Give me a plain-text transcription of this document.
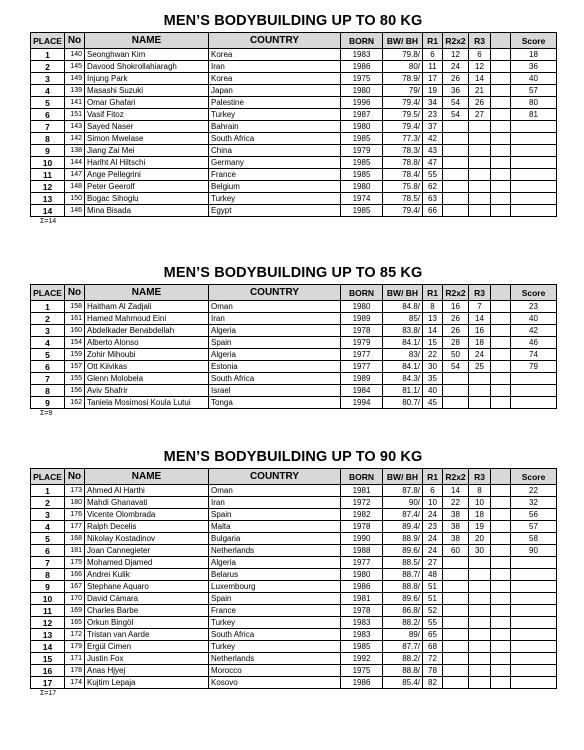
MEN’S BODYBUILDING UP TO 80 KG
PLACE	No	NAME	COUNTRY	BORN	BW/ BH	R1	R2x2	R3		Score
1	140	Seonghwan Kim	Korea	1983	79.8/	6	12	6		18
2	145	Davood Shokrollahiaragh	Iran	1986	80/	11	24	12		36
3	149	Injung Park	Korea	1975	78.9/	17	26	14		40
4	139	Masashi Suzuki	Japan	1980	79/	19	36	21		57
5	141	Omar Ghafari	Palestine	1996	79.4/	34	54	26		80
6	151	Vasif Fitoz	Turkey	1987	79.5/	23	54	27		81
7	143	Sayed Naser	Bahrain	1980	79.4/	37				
8	142	Simon Mwelase	South Africa	1985	77.3/	42				
9	138	Jiang Zai Mei	China	1979	78.3/	43				
10	144	Harlht Al Hiltschi	Germany	1985	78.8/	47				
11	147	Ange Pellegrini	France	1985	78.4/	55				
12	148	Peter Geerolf	Belgium	1980	75.8/	62				
13	150	Bogac Sihoglu	Turkey	1974	78.5/	63				
14	146	Mina Bisada	Egypt	1985	79.4/	66				
Σ=14
MEN’S BODYBUILDING UP TO 85 KG
PLACE	No	NAME	COUNTRY	BORN	BW/ BH	R1	R2x2	R3		Score
1	158	Haitham Al Zadjali	Oman	1980	84.8/	8	16	7		23
2	161	Hamed Mahmoud Eini	Iran	1989	85/	13	26	14		40
3	160	Abdelkader Benabdellah	Algeria	1978	83.8/	14	26	16		42
4	154	Alberto Alonso	Spain	1979	84.1/	15	28	18		46
5	159	Zohir Mihoubi	Algeria	1977	83/	22	50	24		74
6	157	Ott Kiivikas	Estonia	1977	84.1/	30	54	25		79
7	155	Glenn Molobela	South Africa	1989	84.3/	35				
8	156	Aviv Shafrir	Israel	1984	81.1/	40				
9	162	Taniela Mosimosi Koula Lutui	Tonga	1994	80.7/	45				
Σ=9
MEN’S BODYBUILDING UP TO 90 KG
PLACE	No	NAME	COUNTRY	BORN	BW/ BH	R1	R2x2	R3		Score
1	173	Ahmed Al Harthi	Oman	1981	87.8/	6	14	8		22
2	180	Mahdi Ghanavati	Iran	1972	90/	10	22	10		32
3	176	Vicente Olombrada	Spain	1982	87.4/	24	38	18		56
4	177	Ralph Decelis	Malta	1978	89.4/	23	38	19		57
5	168	Nikolay Kostadinov	Bulgaria	1990	88.9/	24	38	20		58
6	181	Joan Cannegieter	Netherlands	1988	89.6/	24	60	30		90
7	175	Mohamed Djamed	Algeria	1977	88.5/	27				
8	166	Andrei Kulik	Belarus	1980	88.7/	48				
9	167	Stephane Aquaro	Luxembourg	1986	88.8/	51				
10	170	David Cámara	Spain	1981	89.6/	51				
11	169	Charles Barbe	France	1978	86.8/	52				
12	165	Orkun Bingöl	Turkey	1983	88.2/	55				
13	172	Tristan van Aarde	South Africa	1983	89/	65				
14	179	Ergül Cimen	Turkey	1985	87.7/	68				
15	171	Justin Fox	Netherlands	1992	88.2/	72				
16	178	Anas Hjyej	Morocco	1975	88.8/	78				
17	174	Kujtim Lepaja	Kosovo	1986	85.4/	82				
Σ=17
